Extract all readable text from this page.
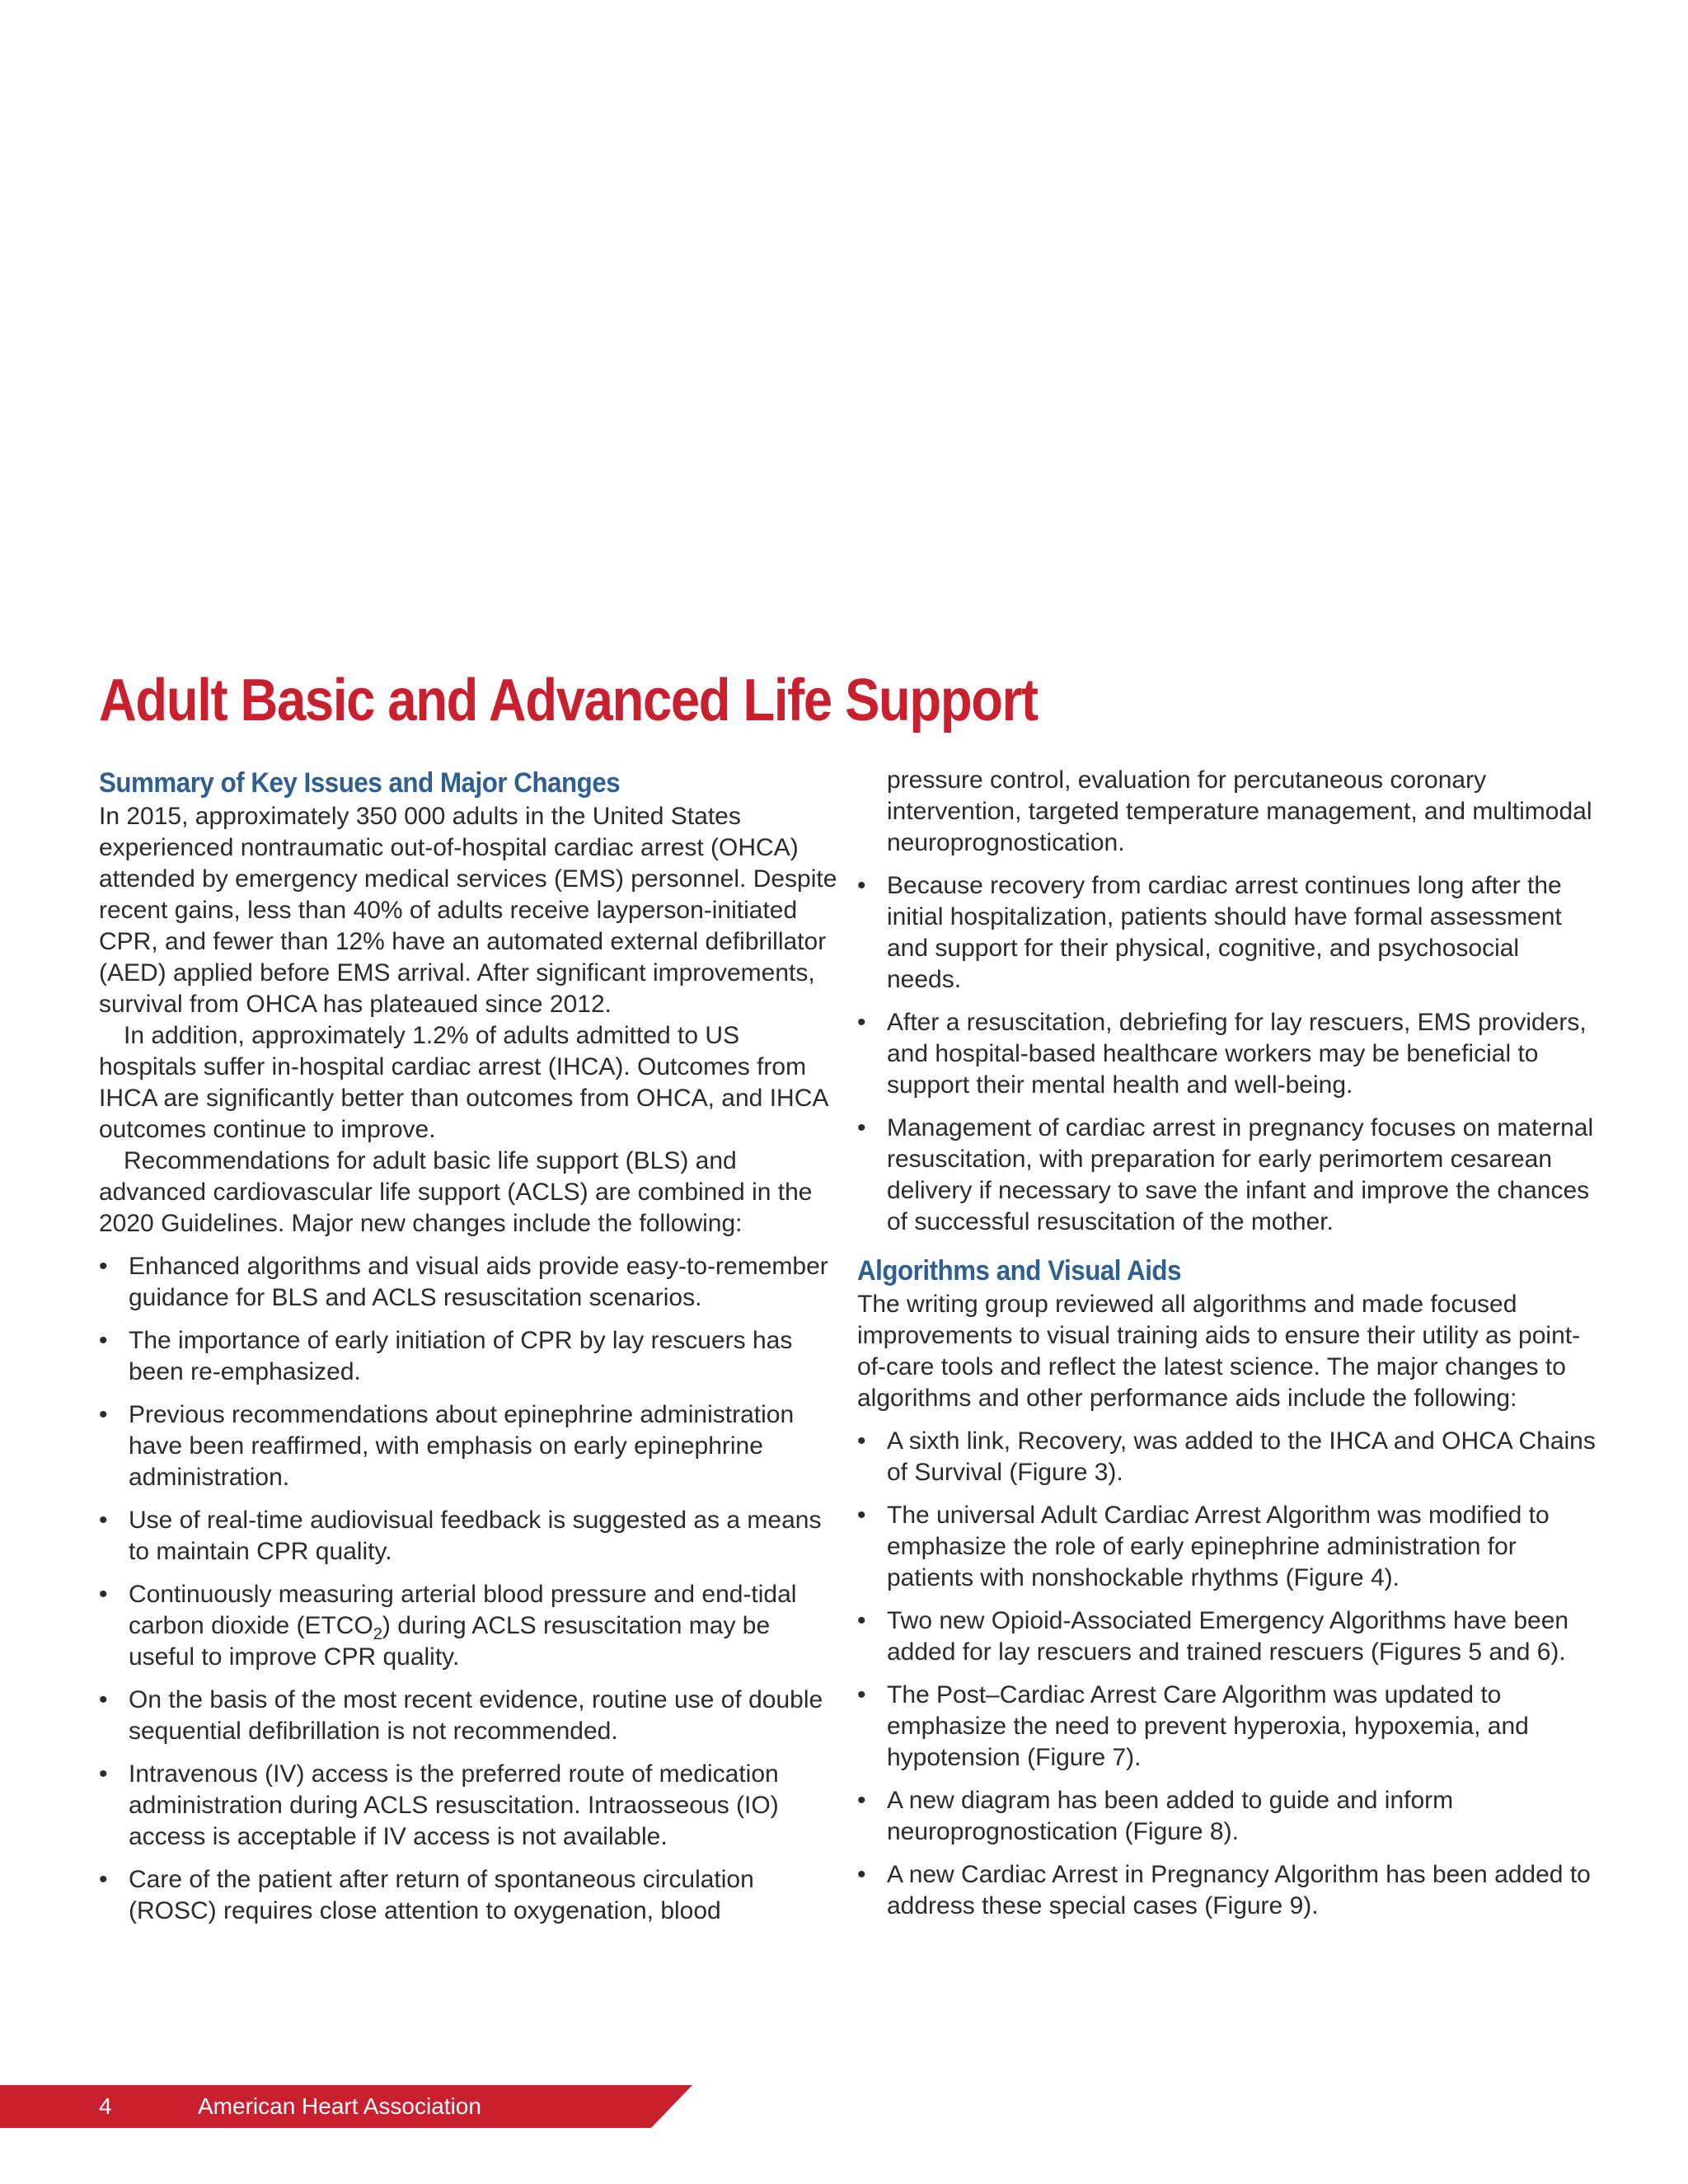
Adult Basic and Advanced Life Support
Summary of Key Issues and Major Changes

In 2015, approximately 350 000 adults in the United States experienced nontraumatic out-of-hospital cardiac arrest (OHCA) attended by emergency medical services (EMS) personnel. Despite recent gains, less than 40% of adults receive layperson-initiated CPR, and fewer than 12% have an automated external defibrillator (AED) applied before EMS arrival. After significant improvements, survival from OHCA has plateaued since 2012.

In addition, approximately 1.2% of adults admitted to US hospitals suffer in-hospital cardiac arrest (IHCA). Outcomes from IHCA are significantly better than outcomes from OHCA, and IHCA outcomes continue to improve.

Recommendations for adult basic life support (BLS) and advanced cardiovascular life support (ACLS) are combined in the 2020 Guidelines. Major new changes include the following:

• Enhanced algorithms and visual aids provide easy-to-remember guidance for BLS and ACLS resuscitation scenarios.
• The importance of early initiation of CPR by lay rescuers has been re-emphasized.
• Previous recommendations about epinephrine administration have been reaffirmed, with emphasis on early epinephrine administration.
• Use of real-time audiovisual feedback is suggested as a means to maintain CPR quality.
• Continuously measuring arterial blood pressure and end-tidal carbon dioxide $(ETCO_2)$ during ACLS resuscitation may be useful to improve CPR quality.
• On the basis of the most recent evidence, routine use of double sequential defibrillation is not recommended.
• Intravenous (IV) access is the preferred route of medication administration during ACLS resuscitation. Intraosseous (IO) access is acceptable if IV access is not available.
• Care of the patient after return of spontaneous circulation (ROSC) requires close attention to oxygenation, blood
pressure control, evaluation for percutaneous coronary intervention, targeted temperature management, and multimodal neuroprognostication.
• Because recovery from cardiac arrest continues long after the initial hospitalization, patients should have formal assessment and support for their physical, cognitive, and psychosocial needs.
• After a resuscitation, debriefing for lay rescuers, EMS providers, and hospital-based healthcare workers may be beneficial to support their mental health and well-being.
• Management of cardiac arrest in pregnancy focuses on maternal resuscitation, with preparation for early perimortem cesarean delivery if necessary to save the infant and improve the chances of successful resuscitation of the mother.
Algorithms and Visual Aids

The writing group reviewed all algorithms and made focused improvements to visual training aids to ensure their utility as point-of-care tools and reflect the latest science. The major changes to algorithms and other performance aids include the following:

• A sixth link, Recovery, was added to the IHCA and OHCA Chains of Survival (Figure 3).
• The universal Adult Cardiac Arrest Algorithm was modified to emphasize the role of early epinephrine administration for patients with nonshockable rhythms (Figure 4).
• Two new Opioid-Associated Emergency Algorithms have been added for lay rescuers and trained rescuers (Figures 5 and 6).
• The Post–Cardiac Arrest Care Algorithm was updated to emphasize the need to prevent hyperoxia, hypoxemia, and hypotension (Figure 7).
• A new diagram has been added to guide and inform neuroprognostication (Figure 8).
• A new Cardiac Arrest in Pregnancy Algorithm has been added to address these special cases (Figure 9).
4	American Heart Association
